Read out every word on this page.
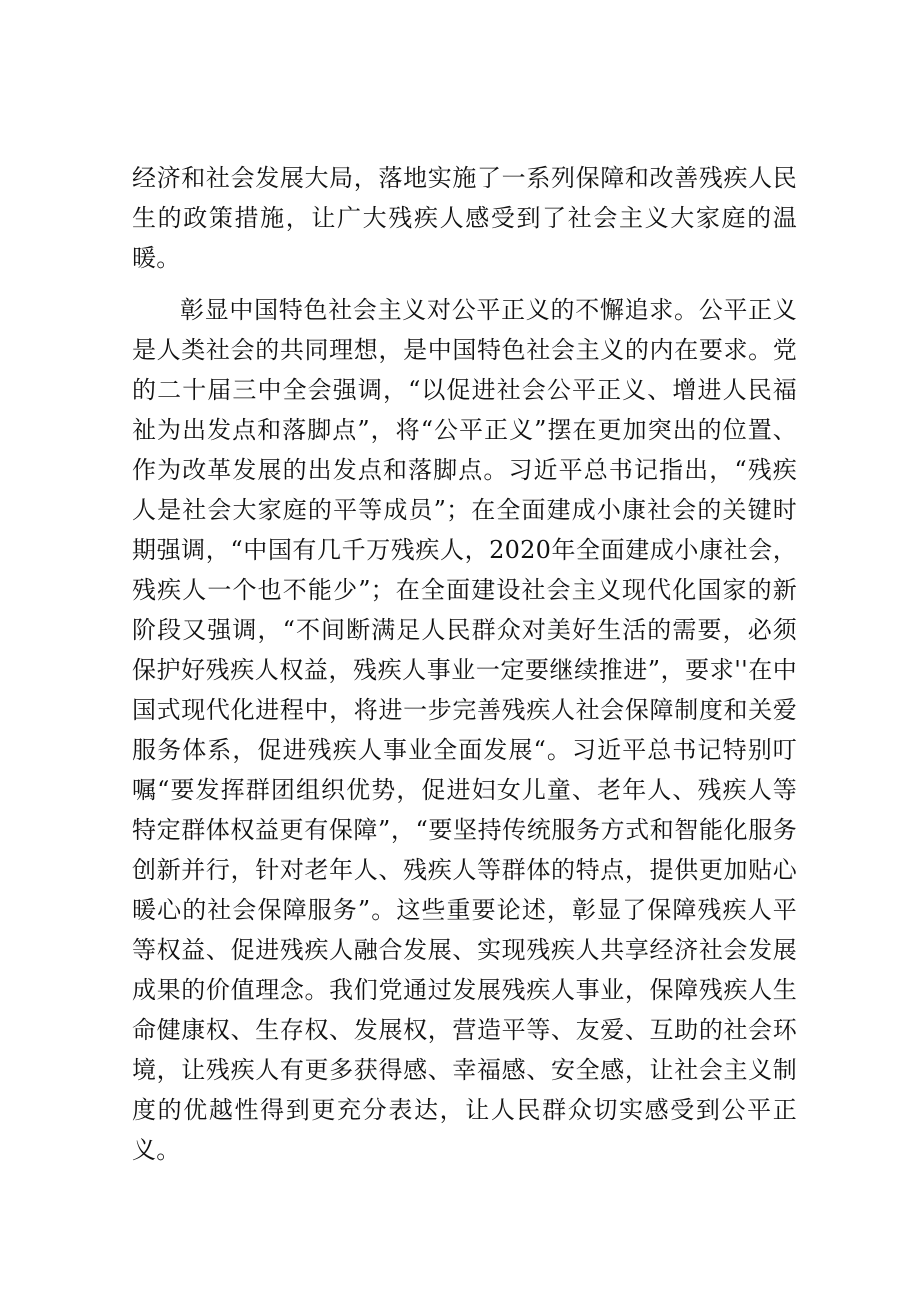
经济和社会发展大局，落地实施了一系列保障和改善残疾人民生的政策措施，让广大残疾人感受到了社会主义大家庭的温暖。

彰显中国特色社会主义对公平正义的不懈追求。公平正义是人类社会的共同理想，是中国特色社会主义的内在要求。党的二十届三中全会强调，“以促进社会公平正义、增进人民福祉为出发点和落脚点”，将“公平正义”摆在更加突出的位置、作为改革发展的出发点和落脚点。习近平总书记指出，“残疾人是社会大家庭的平等成员”；在全面建成小康社会的关键时期强调，“中国有几千万残疾人，2020年全面建成小康社会，残疾人一个也不能少”；在全面建设社会主义现代化国家的新阶段又强调，“不间断满足人民群众对美好生活的需要，必须保护好残疾人权益，残疾人事业一定要继续推进”，要求''在中国式现代化进程中，将进一步完善残疾人社会保障制度和关爱服务体系，促进残疾人事业全面发展“。习近平总书记特别叮嘱“要发挥群团组织优势，促进妇女儿童、老年人、残疾人等特定群体权益更有保障”，“要坚持传统服务方式和智能化服务创新并行，针对老年人、残疾人等群体的特点，提供更加贴心暖心的社会保障服务”。这些重要论述，彰显了保障残疾人平等权益、促进残疾人融合发展、实现残疾人共享经济社会发展成果的价值理念。我们党通过发展残疾人事业，保障残疾人生命健康权、生存权、发展权，营造平等、友爱、互助的社会环境，让残疾人有更多获得感、幸福感、安全感，让社会主义制度的优越性得到更充分表达，让人民群众切实感受到公平正义。
